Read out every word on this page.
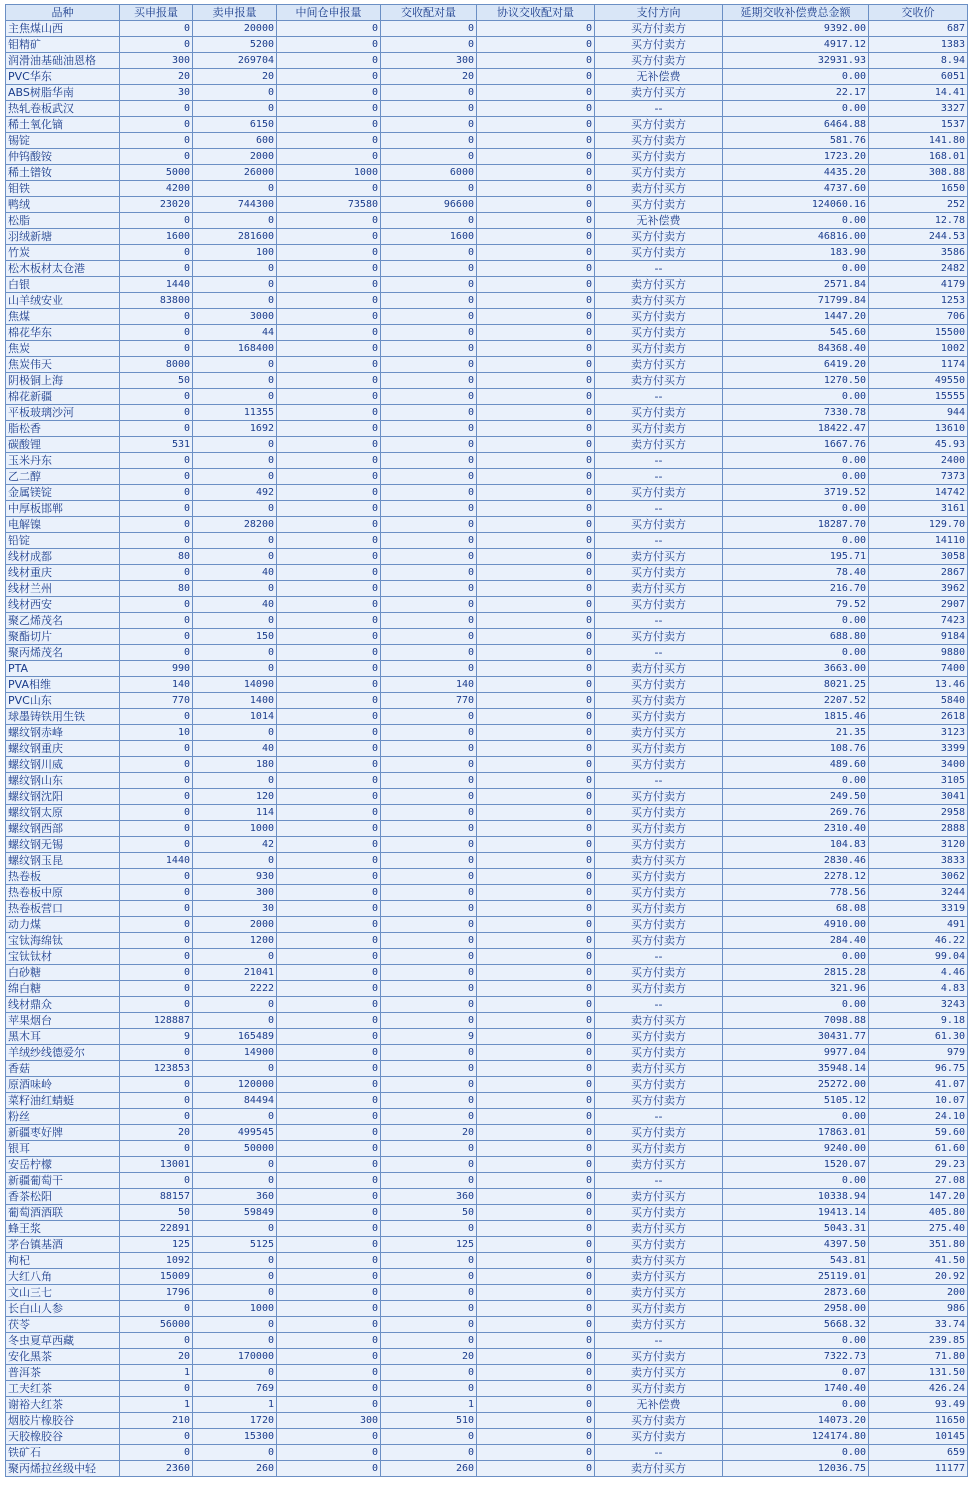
品种	买申报量	卖申报量	中间仓申报量	交收配对量	协议交收配对量	支付方向	延期交收补偿费总金额	交收价
主焦煤山西	0	20000	0	0	0	买方付卖方	9392.00	687
钼精矿	0	5200	0	0	0	买方付卖方	4917.12	1383
润滑油基础油恩格	300	269704	0	300	0	买方付卖方	32931.93	8.94
PVC华东	20	20	0	20	0	无补偿费	0.00	6051
ABS树脂华南	30	0	0	0	0	卖方付买方	22.17	14.41
热轧卷板武汉	0	0	0	0	0	--	0.00	3327
稀土氧化镝	0	6150	0	0	0	买方付卖方	6464.88	1537
锡锭	0	600	0	0	0	买方付卖方	581.76	141.80
仲钨酸铵	0	2000	0	0	0	买方付卖方	1723.20	168.01
稀土镨钕	5000	26000	1000	6000	0	买方付卖方	4435.20	308.88
钼铁	4200	0	0	0	0	卖方付买方	4737.60	1650
鸭绒	23020	744300	73580	96600	0	买方付卖方	124060.16	252
松脂	0	0	0	0	0	无补偿费	0.00	12.78
羽绒新塘	1600	281600	0	1600	0	买方付卖方	46816.00	244.53
竹炭	0	100	0	0	0	买方付卖方	183.90	3586
松木板材太仓港	0	0	0	0	0	--	0.00	2482
白银	1440	0	0	0	0	卖方付买方	2571.84	4179
山羊绒安业	83800	0	0	0	0	卖方付买方	71799.84	1253
焦煤	0	3000	0	0	0	买方付卖方	1447.20	706
棉花华东	0	44	0	0	0	买方付卖方	545.60	15500
焦炭	0	168400	0	0	0	买方付卖方	84368.40	1002
焦炭伟天	8000	0	0	0	0	卖方付买方	6419.20	1174
阴极铜上海	50	0	0	0	0	卖方付买方	1270.50	49550
棉花新疆	0	0	0	0	0	--	0.00	15555
平板玻璃沙河	0	11355	0	0	0	买方付卖方	7330.78	944
脂松香	0	1692	0	0	0	买方付卖方	18422.47	13610
碳酸锂	531	0	0	0	0	卖方付买方	1667.76	45.93
玉米丹东	0	0	0	0	0	--	0.00	2400
乙二醇	0	0	0	0	0	--	0.00	7373
金属镁锭	0	492	0	0	0	买方付卖方	3719.52	14742
中厚板邯郸	0	0	0	0	0	--	0.00	3161
电解镍	0	28200	0	0	0	买方付卖方	18287.70	129.70
铅锭	0	0	0	0	0	--	0.00	14110
线材成都	80	0	0	0	0	卖方付买方	195.71	3058
线材重庆	0	40	0	0	0	买方付卖方	78.40	2867
线材兰州	80	0	0	0	0	卖方付买方	216.70	3962
线材西安	0	40	0	0	0	买方付卖方	79.52	2907
聚乙烯茂名	0	0	0	0	0	--	0.00	7423
聚酯切片	0	150	0	0	0	买方付卖方	688.80	9184
聚丙烯茂名	0	0	0	0	0	--	0.00	9880
PTA	990	0	0	0	0	卖方付买方	3663.00	7400
PVA相维	140	14090	0	140	0	买方付卖方	8021.25	13.46
PVC山东	770	1400	0	770	0	买方付卖方	2207.52	5840
球墨铸铁用生铁	0	1014	0	0	0	买方付卖方	1815.46	2618
螺纹钢赤峰	10	0	0	0	0	卖方付买方	21.35	3123
螺纹钢重庆	0	40	0	0	0	买方付卖方	108.76	3399
螺纹钢川威	0	180	0	0	0	买方付卖方	489.60	3400
螺纹钢山东	0	0	0	0	0	--	0.00	3105
螺纹钢沈阳	0	120	0	0	0	买方付卖方	249.50	3041
螺纹钢太原	0	114	0	0	0	买方付卖方	269.76	2958
螺纹钢西部	0	1000	0	0	0	买方付卖方	2310.40	2888
螺纹钢无锡	0	42	0	0	0	买方付卖方	104.83	3120
螺纹钢玉昆	1440	0	0	0	0	卖方付买方	2830.46	3833
热卷板	0	930	0	0	0	买方付卖方	2278.12	3062
热卷板中原	0	300	0	0	0	买方付卖方	778.56	3244
热卷板营口	0	30	0	0	0	买方付卖方	68.08	3319
动力煤	0	2000	0	0	0	买方付卖方	4910.00	491
宝钛海绵钛	0	1200	0	0	0	买方付卖方	284.40	46.22
宝钛钛材	0	0	0	0	0	--	0.00	99.04
白砂糖	0	21041	0	0	0	买方付卖方	2815.28	4.46
绵白糖	0	2222	0	0	0	买方付卖方	321.96	4.83
线材鼎众	0	0	0	0	0	--	0.00	3243
苹果烟台	128887	0	0	0	0	卖方付买方	7098.88	9.18
黑木耳	9	165489	0	9	0	买方付卖方	30431.77	61.30
羊绒纱线德爱尔	0	14900	0	0	0	买方付卖方	9977.04	979
香菇	123853	0	0	0	0	卖方付买方	35948.14	96.75
原酒味岭	0	120000	0	0	0	买方付卖方	25272.00	41.07
菜籽油红蜻蜓	0	84494	0	0	0	买方付卖方	5105.12	10.07
粉丝	0	0	0	0	0	--	0.00	24.10
新疆枣好牌	20	499545	0	20	0	买方付卖方	17863.01	59.60
银耳	0	50000	0	0	0	买方付卖方	9240.00	61.60
安岳柠檬	13001	0	0	0	0	卖方付买方	1520.07	29.23
新疆葡萄干	0	0	0	0	0	--	0.00	27.08
香茶松阳	88157	360	0	360	0	卖方付买方	10338.94	147.20
葡萄酒酒联	50	59849	0	50	0	买方付卖方	19413.14	405.80
蜂王浆	22891	0	0	0	0	卖方付买方	5043.31	275.40
茅台镇基酒	125	5125	0	125	0	买方付卖方	4397.50	351.80
枸杞	1092	0	0	0	0	卖方付买方	543.81	41.50
大红八角	15009	0	0	0	0	卖方付买方	25119.01	20.92
文山三七	1796	0	0	0	0	卖方付买方	2873.60	200
长白山人参	0	1000	0	0	0	买方付卖方	2958.00	986
茯苓	56000	0	0	0	0	卖方付买方	5668.32	33.74
冬虫夏草西藏	0	0	0	0	0	--	0.00	239.85
安化黑茶	20	170000	0	20	0	买方付卖方	7322.73	71.80
普洱茶	1	0	0	0	0	卖方付买方	0.07	131.50
工夫红茶	0	769	0	0	0	买方付卖方	1740.40	426.24
谢裕大红茶	1	1	0	1	0	无补偿费	0.00	93.49
烟胶片橡胶谷	210	1720	300	510	0	买方付卖方	14073.20	11650
天胶橡胶谷	0	15300	0	0	0	买方付卖方	124174.80	10145
铁矿石	0	0	0	0	0	--	0.00	659
聚丙烯拉丝级中轻	2360	260	0	260	0	卖方付买方	12036.75	11177
